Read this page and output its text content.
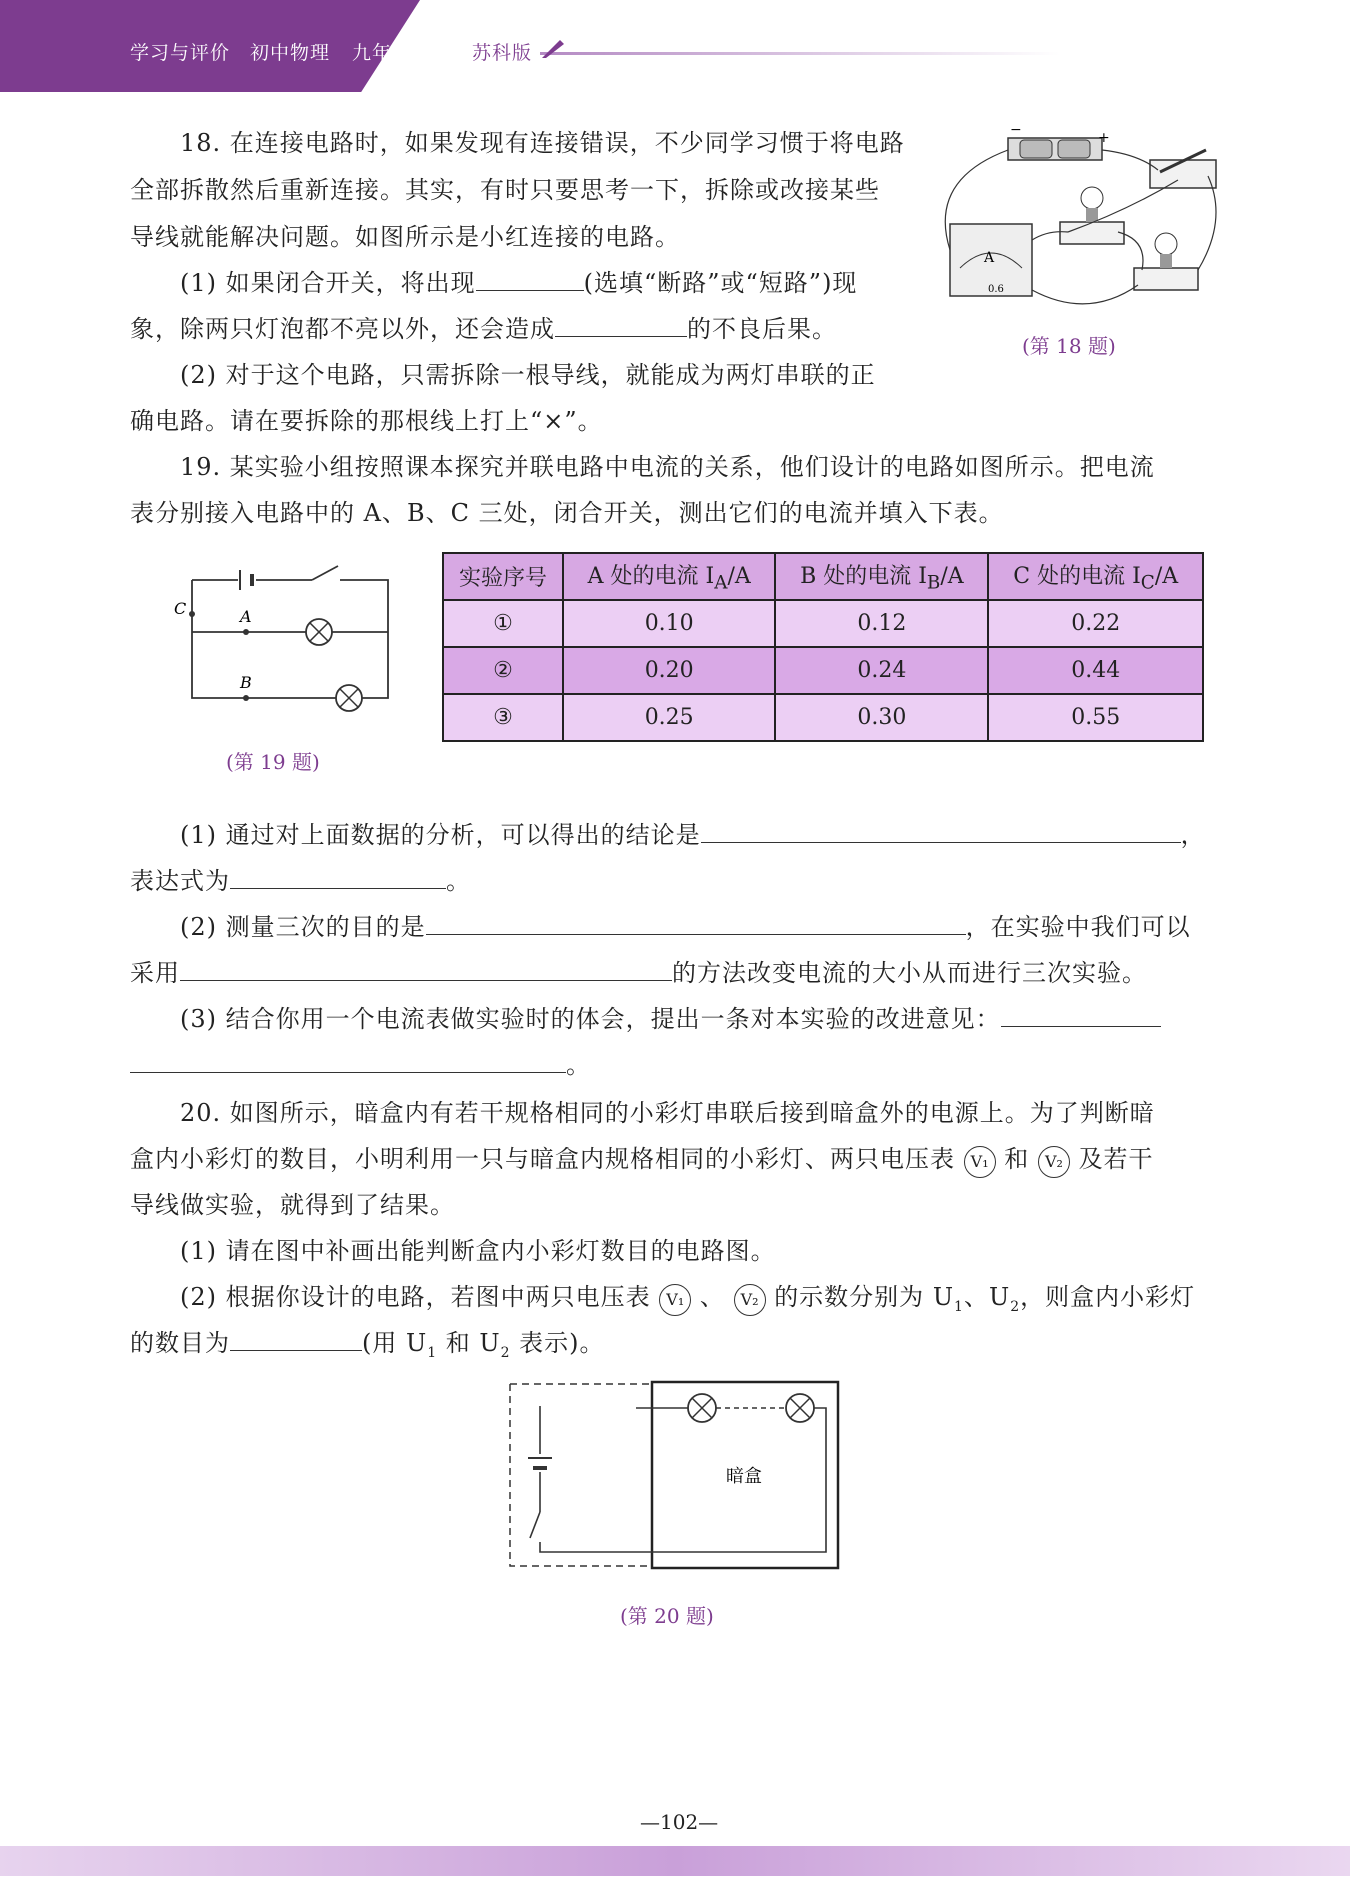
学习与评价 初中物理 九年级上册 苏科版
18. 在连接电路时，如果发现有连接错误，不少同学习惯于将电路
全部拆散然后重新连接。其实，有时只要思考一下，拆除或改接某些
导线就能解决问题。如图所示是小红连接的电路。
(1) 如果闭合开关，将出现	(选填“断路”或“短路”)现
象，除两只灯泡都不亮以外，还会造成	的不良后果。
(2) 对于这个电路，只需拆除一根导线，就能成为两灯串联的正
确电路。请在要拆除的那根线上打上“×”。
−	+
A
0.6
(第 18 题)
19. 某实验小组按照课本探究并联电路中电流的关系，他们设计的电路如图所示。把电流
表分别接入电路中的 A、B、C 三处，闭合开关，测出它们的电流并填入下表。
C	A
B
(第 19 题)
实验序号	A 处的电流 $I_A/A$	B 处的电流 $I_B/A$	C 处的电流 $I_C/A$
①	0.10	0.12	0.22
②	0.20	0.24	0.44
③	0.25	0.30	0.55
(1) 通过对上面数据的分析，可以得出的结论是	，
表达式为	。
(2) 测量三次的目的是	，在实验中我们可以
采用	的方法改变电流的大小从而进行三次实验。
(3) 结合你用一个电流表做实验时的体会，提出一条对本实验的改进意见：
。
20. 如图所示，暗盒内有若干规格相同的小彩灯串联后接到暗盒外的电源上。为了判断暗
盒内小彩灯的数目，小明利用一只与暗盒内规格相同的小彩灯、两只电压表 V₁ 和 V₂ 及若干
导线做实验，就得到了结果。
(1) 请在图中补画出能判断盒内小彩灯数目的电路图。
(2) 根据你设计的电路，若图中两只电压表 V₁ 、 V₂ 的示数分别为 $U_1$、$U_2$，则盒内小彩灯
的数目为	(用 $U_1$ 和 $U_2$ 表示)。
暗盒
(第 20 题)
—102—
